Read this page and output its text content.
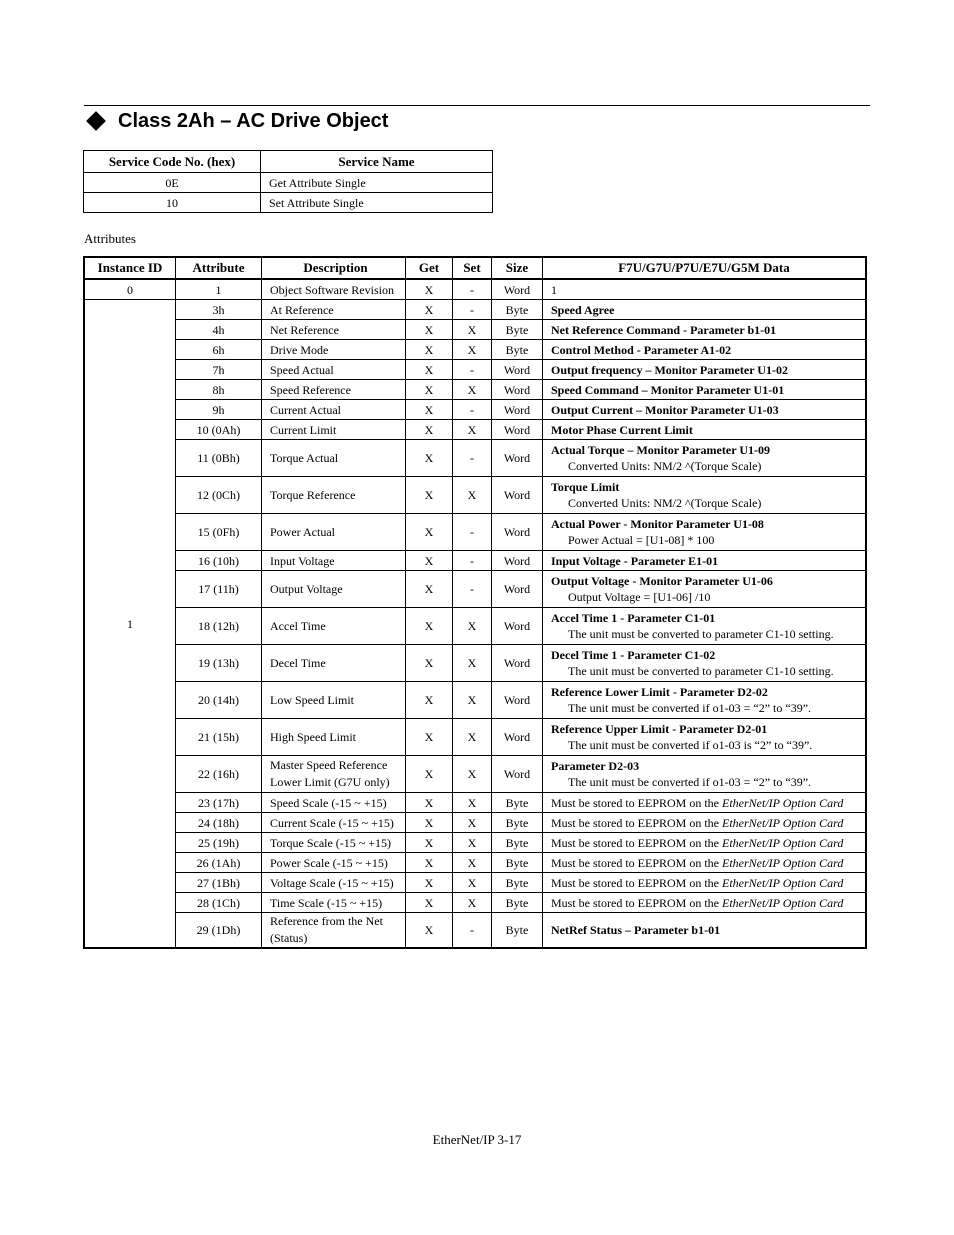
Class 2Ah – AC Drive Object
Service Code No. (hex)	Service Name
0E	Get Attribute Single
10	Set Attribute Single
Attributes
Instance ID	Attribute	Description	Get	Set	Size	F7U/G7U/P7U/E7U/G5M Data
0	1	Object Software Revision	X	-	Word	1
1	3h	At Reference	X	-	Byte	Speed Agree

	4h	Net Reference	X	X	Byte	Net Reference Command - Parameter b1-01

	6h	Drive Mode	X	X	Byte	Control Method - Parameter A1-02

	7h	Speed Actual	X	-	Word	Output frequency – Monitor Parameter U1-02

	8h	Speed Reference	X	X	Word	Speed Command – Monitor Parameter U1-01

	9h	Current Actual	X	-	Word	Output Current – Monitor Parameter U1-03

	10 (0Ah)	Current Limit	X	X	Word	Motor Phase Current Limit

	11 (0Bh)	Torque Actual	X	-	Word	Actual Torque – Monitor Parameter U1-09
Converted Units: NM/2 ^(Torque Scale)

	12 (0Ch)	Torque Reference	X	X	Word	Torque Limit
Converted Units: NM/2 ^(Torque Scale)

	15 (0Fh)	Power Actual	X	-	Word	Actual Power - Monitor Parameter U1-08
Power Actual = [U1-08] * 100

	16 (10h)	Input Voltage	X	-	Word	Input Voltage - Parameter E1-01

	17 (11h)	Output Voltage	X	-	Word	Output Voltage - Monitor Parameter U1-06
Output Voltage = [U1-06] /10

	18 (12h)	Accel Time	X	X	Word	Accel Time 1 - Parameter C1-01
The unit must be converted to parameter C1-10 setting.

	19 (13h)	Decel Time	X	X	Word	Decel Time 1 - Parameter C1-02
The unit must be converted to parameter C1-10 setting.

	20 (14h)	Low Speed Limit	X	X	Word	Reference Lower Limit - Parameter D2-02
The unit must be converted if o1-03 = “2” to “39”.

	21 (15h)	High Speed Limit	X	X	Word	Reference Upper Limit - Parameter D2-01
The unit must be converted if o1-03 is “2” to “39”.

	22 (16h)	Master Speed Reference Lower Limit (G7U only)	X	X	Word	Parameter D2-03
The unit must be converted if o1-03 = “2” to “39”.

	23 (17h)	Speed Scale (-15 ~ +15)	X	X	Byte	Must be stored to EEPROM on the EtherNet/IP Option Card
	24 (18h)	Current Scale (-15 ~ +15)	X	X	Byte	Must be stored to EEPROM on the EtherNet/IP Option Card
	25 (19h)	Torque Scale (-15 ~ +15)	X	X	Byte	Must be stored to EEPROM on the EtherNet/IP Option Card
	26 (1Ah)	Power Scale (-15 ~ +15)	X	X	Byte	Must be stored to EEPROM on the EtherNet/IP Option Card
	27 (1Bh)	Voltage Scale (-15 ~ +15)	X	X	Byte	Must be stored to EEPROM on the EtherNet/IP Option Card
	28 (1Ch)	Time Scale (-15 ~ +15)	X	X	Byte	Must be stored to EEPROM on the EtherNet/IP Option Card
	29 (1Dh)	Reference from the Net (Status)	X	-	Byte	NetRef Status – Parameter b1-01
EtherNet/IP 3-17
